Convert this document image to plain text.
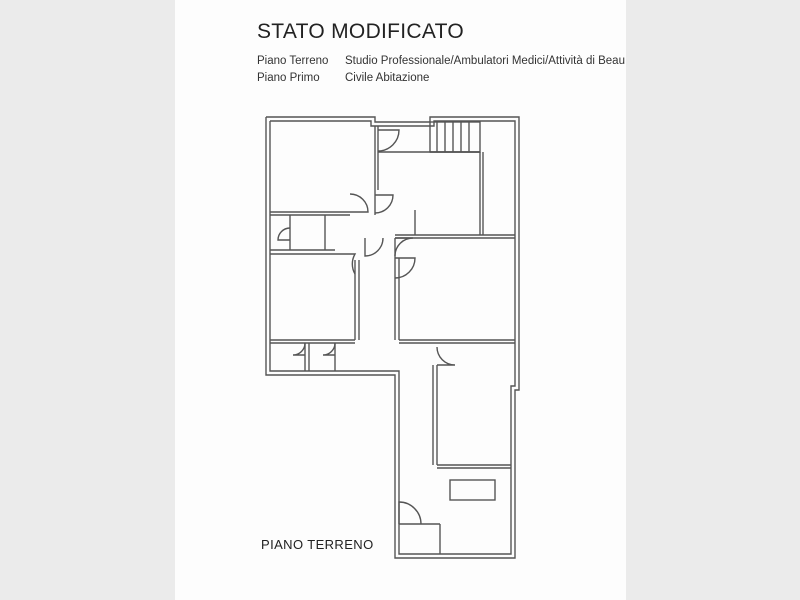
STATO MODIFICATO
Piano Terreno Studio Professionale/Ambulatori Medici/Attività di Beau
Piano Primo Civile Abitazione
PIANO TERRENO
